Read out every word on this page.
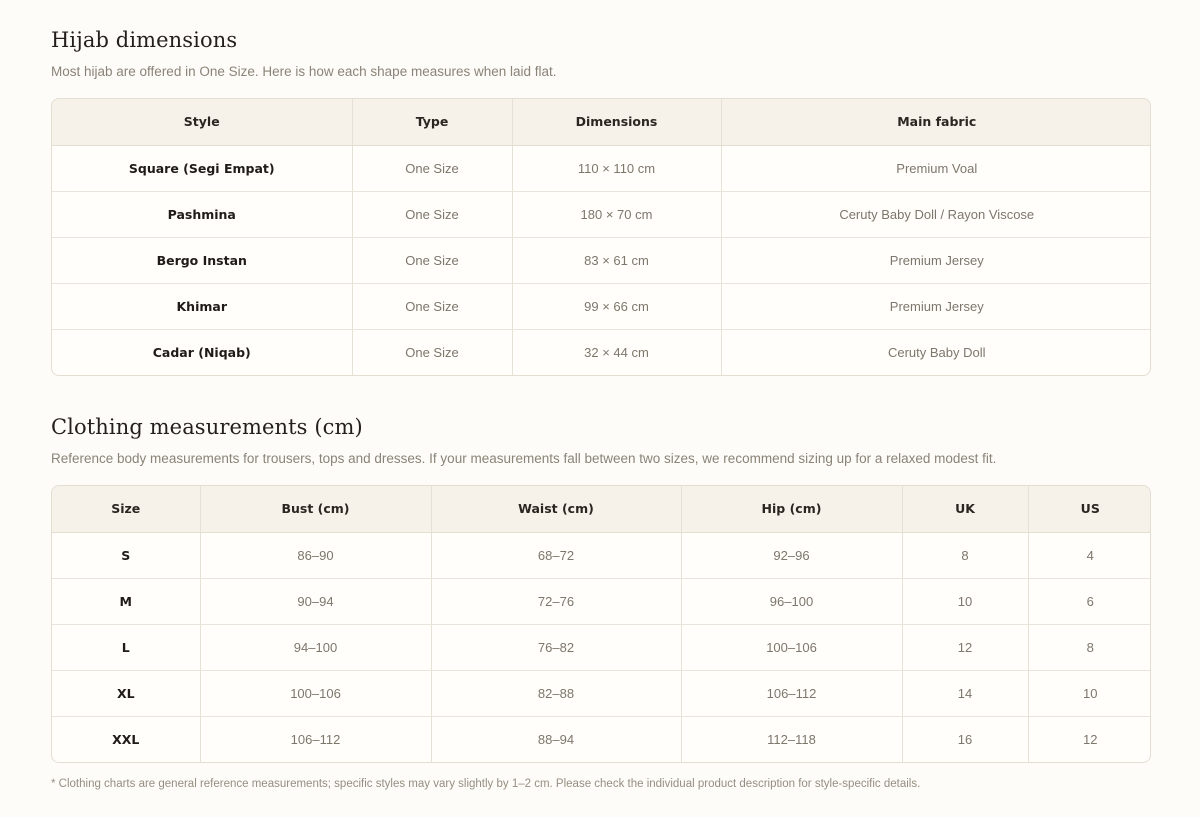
Hijab dimensions

Most hijab are offered in One Size. Here is how each shape measures when laid flat.

Style	Type	Dimensions	Main fabric
Square (Segi Empat)	One Size	110 × 110 cm	Premium Voal
Pashmina	One Size	180 × 70 cm	Ceruty Baby Doll / Rayon Viscose
Bergo Instan	One Size	83 × 61 cm	Premium Jersey
Khimar	One Size	99 × 66 cm	Premium Jersey
Cadar (Niqab)	One Size	32 × 44 cm	Ceruty Baby Doll
Clothing measurements (cm)

Reference body measurements for trousers, tops and dresses. If your measurements fall between two sizes, we recommend sizing up for a relaxed modest fit.

Size	Bust (cm)	Waist (cm)	Hip (cm)	UK	US
S	86–90	68–72	92–96	8	4
M	90–94	72–76	96–100	10	6
L	94–100	76–82	100–106	12	8
XL	100–106	82–88	106–112	14	10
XXL	106–112	88–94	112–118	16	12

* Clothing charts are general reference measurements; specific styles may vary slightly by 1–2 cm. Please check the individual product description for style-specific details.
